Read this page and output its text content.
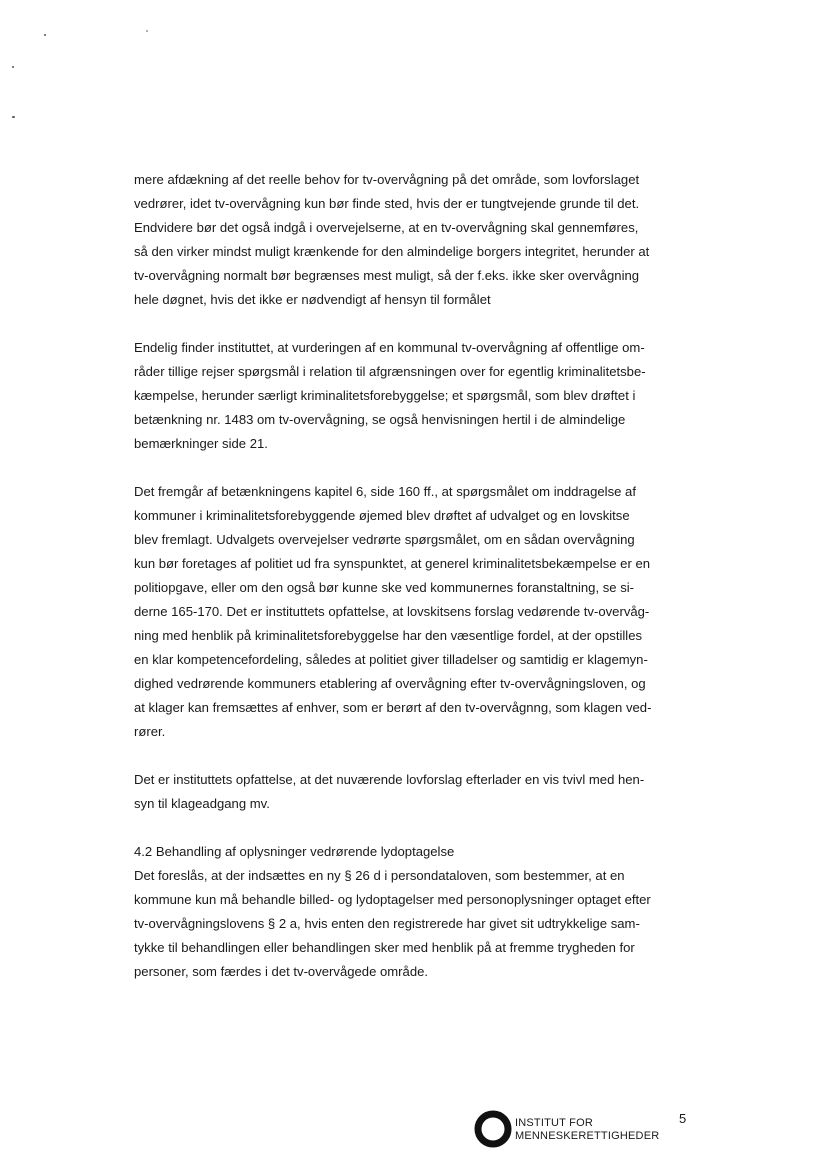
mere afdækning af det reelle behov for tv-overvågning på det område, som lovforslaget
vedrører, idet tv-overvågning kun bør finde sted, hvis der er tungtvejende grunde til det.
Endvidere bør det også indgå i overvejelserne, at en tv-overvågning skal gennemføres,
så den virker mindst muligt krænkende for den almindelige borgers integritet, herunder at
tv-overvågning normalt bør begrænses mest muligt, så der f.eks. ikke sker overvågning
hele døgnet, hvis det ikke er nødvendigt af hensyn til formålet

Endelig finder instituttet, at vurderingen af en kommunal tv-overvågning af offentlige om-
råder tillige rejser spørgsmål i relation til afgrænsningen over for egentlig kriminalitetsbe-
kæmpelse, herunder særligt kriminalitetsforebyggelse; et spørgsmål, som blev drøftet i
betænkning nr. 1483 om tv-overvågning, se også henvisningen hertil i de almindelige
bemærkninger side 21.

Det fremgår af betænkningens kapitel 6, side 160 ff., at spørgsmålet om inddragelse af
kommuner i kriminalitetsforebyggende øjemed blev drøftet af udvalget og en lovskitse
blev fremlagt. Udvalgets overvejelser vedrørte spørgsmålet, om en sådan overvågning
kun bør foretages af politiet ud fra synspunktet, at generel kriminalitetsbekæmpelse er en
politiopgave, eller om den også bør kunne ske ved kommunernes foranstaltning, se si-
derne 165-170. Det er instituttets opfattelse, at lovskitsens forslag vedørende tv-overvåg-
ning med henblik på kriminalitetsforebyggelse har den væsentlige fordel, at der opstilles
en klar kompetencefordeling, således at politiet giver tilladelser og samtidig er klagemyn-
dighed vedrørende kommuners etablering af overvågning efter tv-overvågningsloven, og
at klager kan fremsættes af enhver, som er berørt af den tv-overvågnng, som klagen ved-
rører.

Det er instituttets opfattelse, at det nuværende lovforslag efterlader en vis tvivl med hen-
syn til klageadgang mv.

4.2 Behandling af oplysninger vedrørende lydoptagelse
Det foreslås, at der indsættes en ny § 26 d i persondataloven, som bestemmer, at en
kommune kun må behandle billed- og lydoptagelser med personoplysninger optaget efter
tv-overvågningslovens § 2 a, hvis enten den registrerede har givet sit udtrykkelige sam-
tykke til behandlingen eller behandlingen sker med henblik på at fremme trygheden for
personer, som færdes i det tv-overvågede område.

INSTITUT FOR
MENNESKERETTIGHEDER
5
